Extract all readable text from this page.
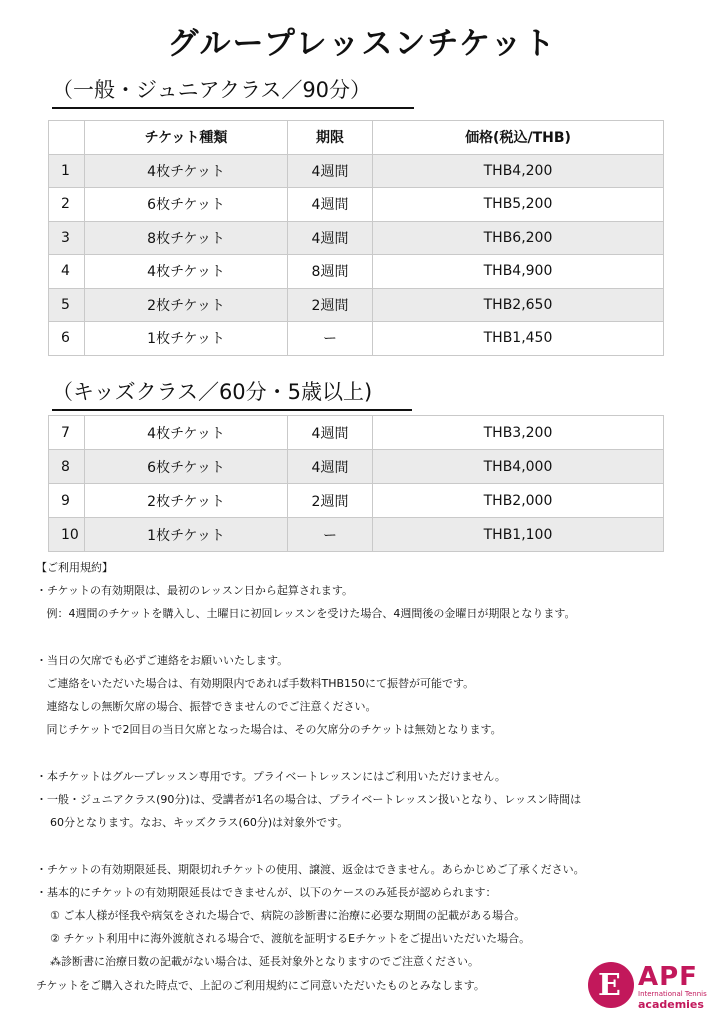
グループレッスンチケット
（一般・ジュニアクラス／90分）
	チケット種類	期限	価格(税込/THB)
1	4枚チケット	4週間	THB4,200
2	6枚チケット	4週間	THB5,200
3	8枚チケット	4週間	THB6,200
4	4枚チケット	8週間	THB4,900
5	2枚チケット	2週間	THB2,650
6	1枚チケット	ー	THB1,450
（キッズクラス／60分・5歳以上)
7	4枚チケット	4週間	THB3,200
8	6枚チケット	4週間	THB4,000
9	2枚チケット	2週間	THB2,000
10	1枚チケット	ー	THB1,100
【ご利用規約】
・チケットの有効期限は、最初のレッスン日から起算されます。
例：4週間のチケットを購入し、土曜日に初回レッスンを受けた場合、4週間後の金曜日が期限となります。

・当日の欠席でも必ずご連絡をお願いいたします。
ご連絡をいただいた場合は、有効期限内であれば手数料THB150にて振替が可能です。
連絡なしの無断欠席の場合、振替できませんのでご注意ください。
同じチケットで2回目の当日欠席となった場合は、その欠席分のチケットは無効となります。

・本チケットはグループレッスン専用です。プライベートレッスンにはご利用いただけません。
・一般・ジュニアクラス(90分)は、受講者が1名の場合は、プライベートレッスン扱いとなり、レッスン時間は
60分となります。なお、キッズクラス(60分)は対象外です。

・チケットの有効期限延長、期限切れチケットの使用、譲渡、返金はできません。あらかじめご了承ください。
・基本的にチケットの有効期限延長はできませんが、以下のケースのみ延長が認められます：
① ご本人様が怪我や病気をされた場合で、病院の診断書に治療に必要な期間の記載がある場合。
② チケット利用中に海外渡航される場合で、渡航を証明するEチケットをご提出いただいた場合。
⁂診断書に治療日数の記載がない場合は、延長対象外となりますのでご注意ください。
チケットをご購入された時点で、上記のご利用規約にご同意いただいたものとみなします。	E APF
International Tennis
academies
